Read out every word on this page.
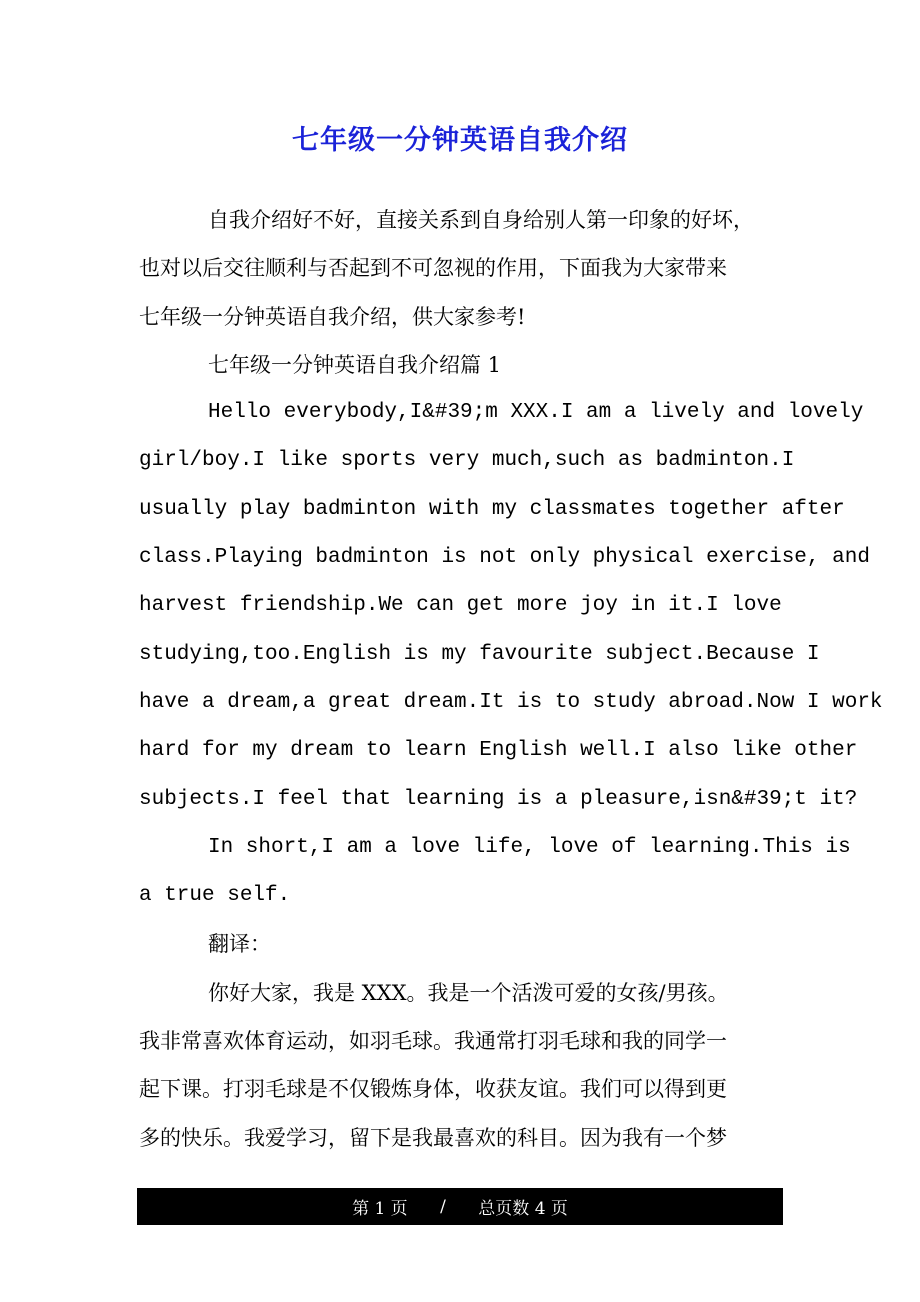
七年级一分钟英语自我介绍

自我介绍好不好，直接关系到自身给别人第一印象的好坏，

也对以后交往顺利与否起到不可忽视的作用，下面我为大家带来

七年级一分钟英语自我介绍，供大家参考!

七年级一分钟英语自我介绍篇 1

Hello everybody,I&#39;m XXX.I am a lively and lovely

girl/boy.I like sports very much,such as badminton.I

usually play badminton with my classmates together after

class.Playing badminton is not only physical exercise, and

harvest friendship.We can get more joy in it.I love

studying,too.English is my favourite subject.Because I

have a dream,a great dream.It is to study abroad.Now I work

hard for my dream to learn English well.I also like other

subjects.I feel that learning is a pleasure,isn&#39;t it?

In short,I am a love life, love of learning.This is

a true self.

翻译：

你好大家，我是 XXX。我是一个活泼可爱的女孩/男孩。

我非常喜欢体育运动，如羽毛球。我通常打羽毛球和我的同学一

起下课。打羽毛球是不仅锻炼身体，收获友谊。我们可以得到更

多的快乐。我爱学习，留下是我最喜欢的科目。因为我有一个梦

第 1 页
/
总页数 4 页
